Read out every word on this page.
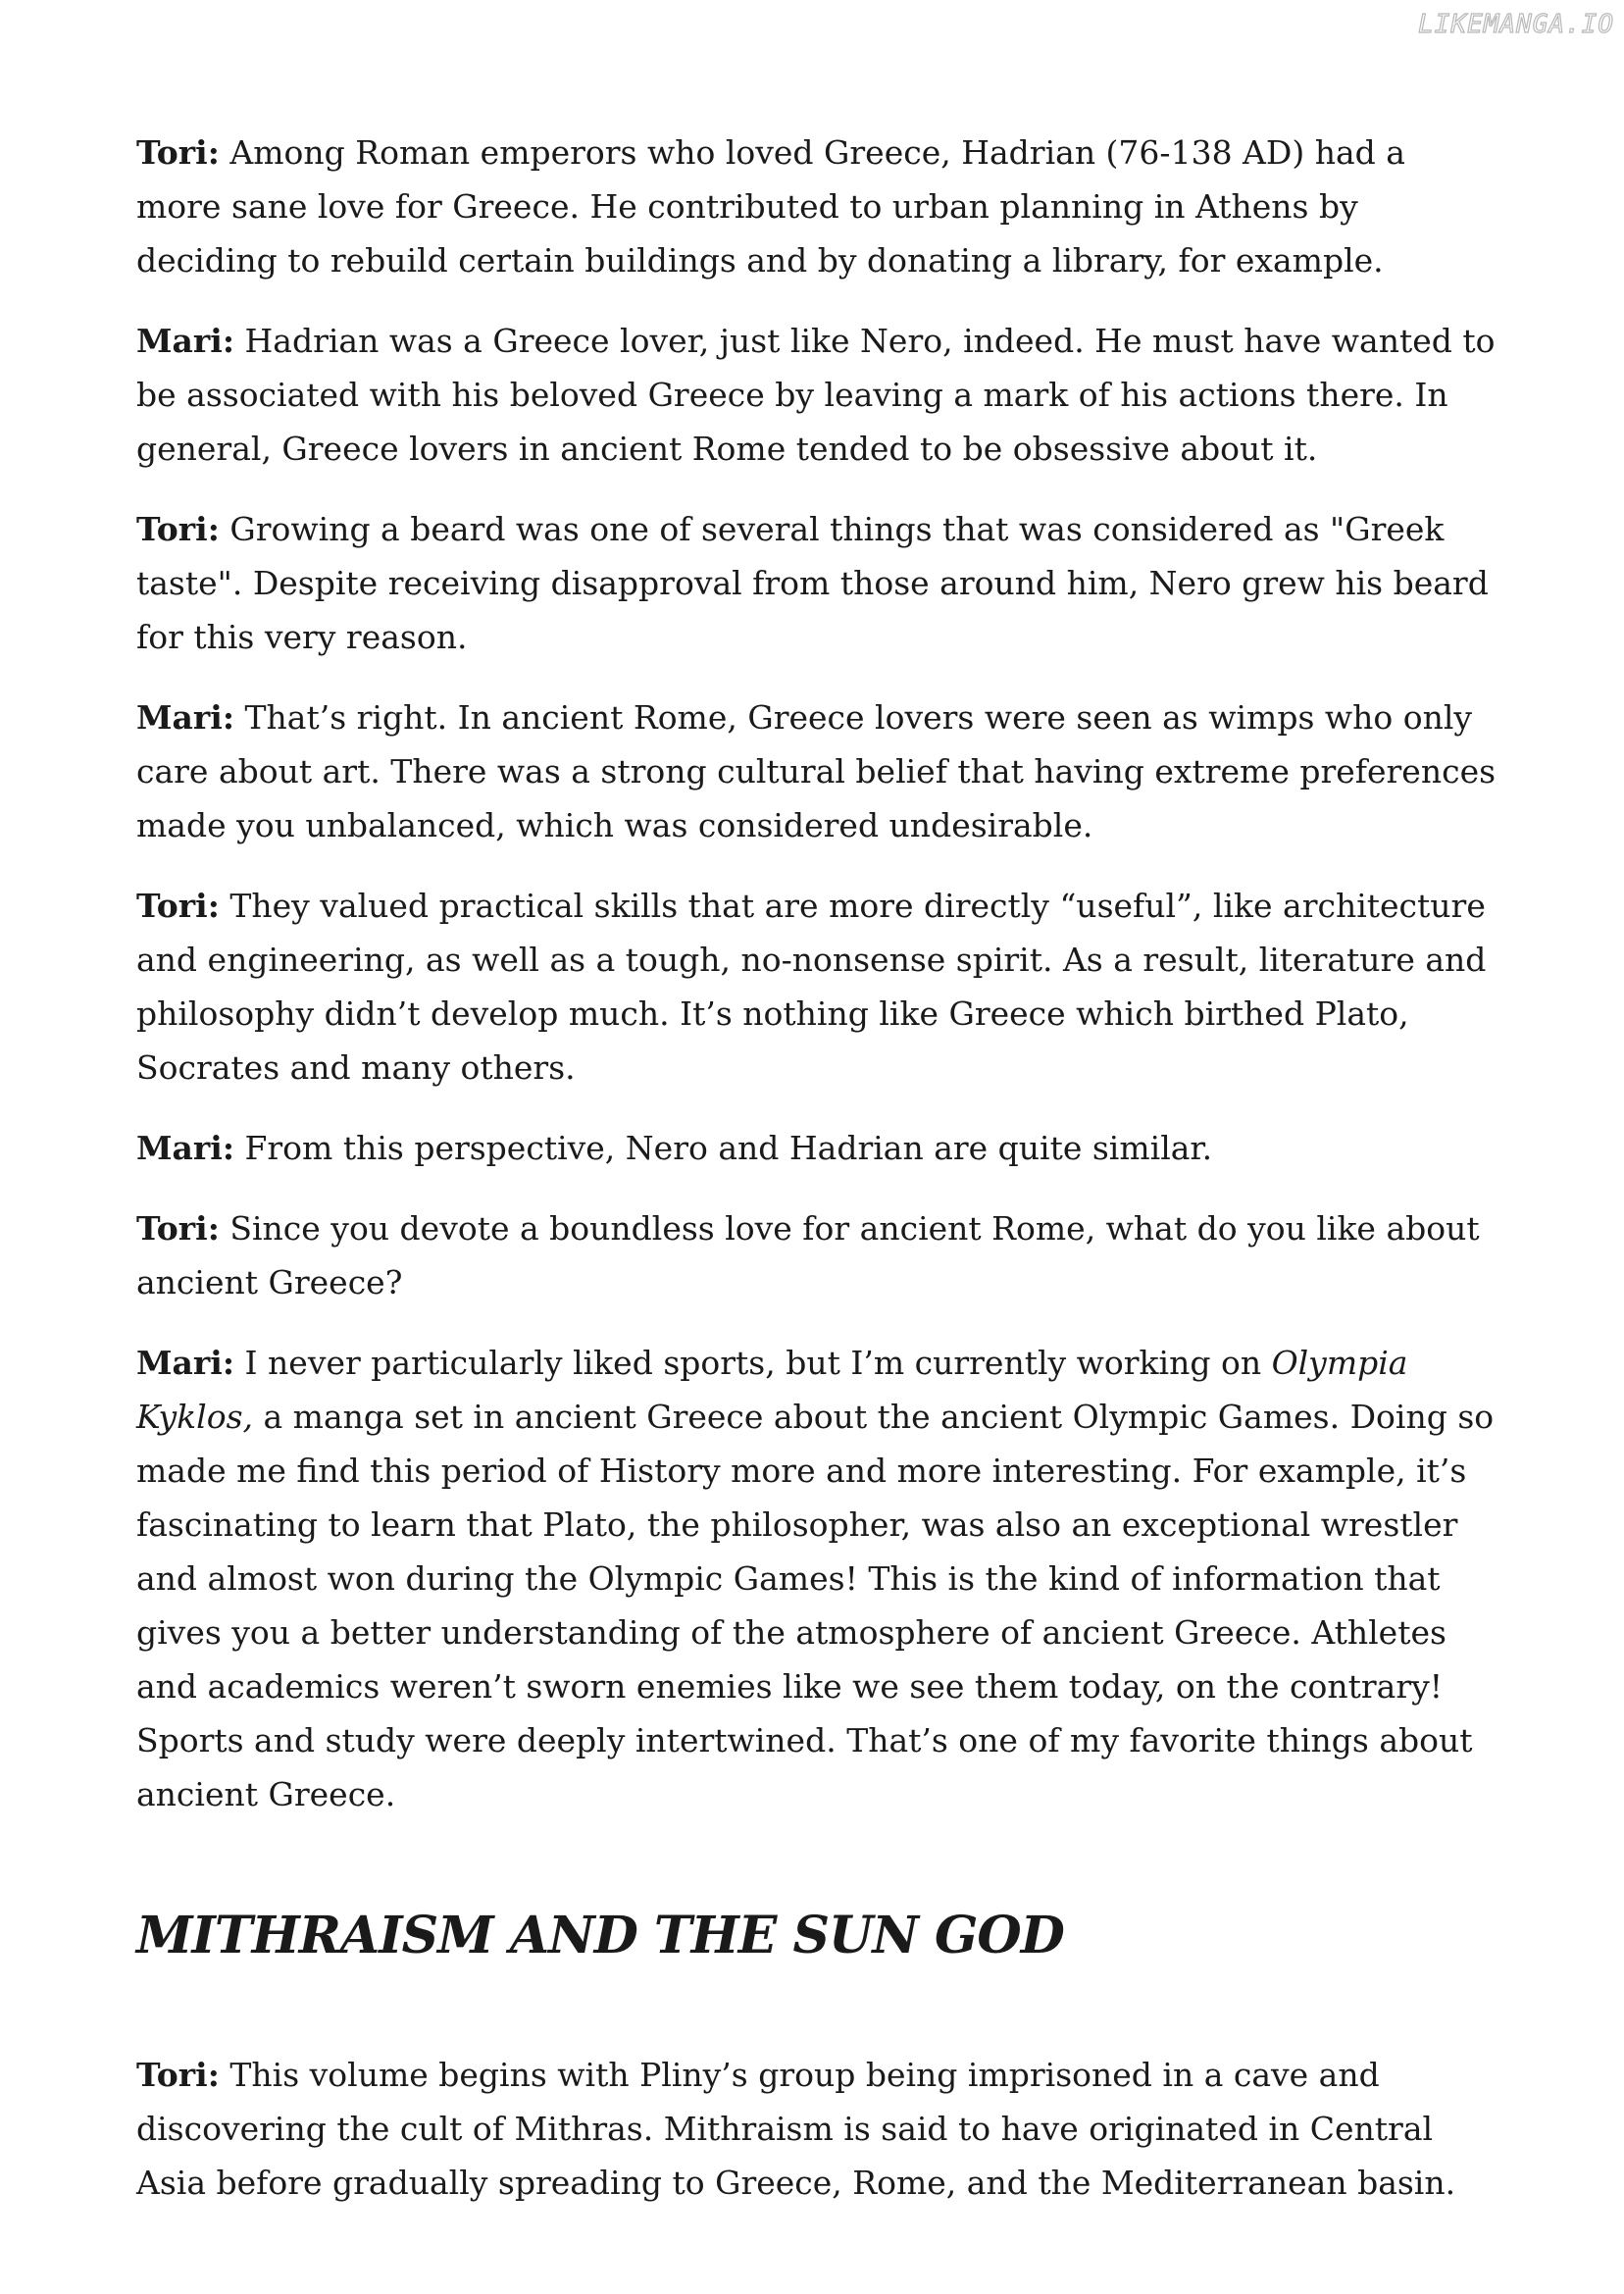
LIKEMANGA.IO

Tori: Among Roman emperors who loved Greece, Hadrian (76-138 AD) had a more sane love for Greece. He contributed to urban planning in Athens by deciding to rebuild certain buildings and by donating a library, for example.

Mari: Hadrian was a Greece lover, just like Nero, indeed. He must have wanted to be associated with his beloved Greece by leaving a mark of his actions there. In general, Greece lovers in ancient Rome tended to be obsessive about it.

Tori: Growing a beard was one of several things that was considered as "Greek taste". Despite receiving disapproval from those around him, Nero grew his beard for this very reason.

Mari: That’s right. In ancient Rome, Greece lovers were seen as wimps who only care about art. There was a strong cultural belief that having extreme preferences made you unbalanced, which was considered undesirable.

Tori: They valued practical skills that are more directly “useful”, like architecture and engineering, as well as a tough, no-nonsense spirit. As a result, literature and philosophy didn’t develop much. It’s nothing like Greece which birthed Plato, Socrates and many others.

Mari: From this perspective, Nero and Hadrian are quite similar.

Tori: Since you devote a boundless love for ancient Rome, what do you like about ancient Greece?

Mari: I never particularly liked sports, but I’m currently working on Olympia Kyklos, a manga set in ancient Greece about the ancient Olympic Games. Doing so made me find this period of History more and more interesting. For example, it’s fascinating to learn that Plato, the philosopher, was also an exceptional wrestler and almost won during the Olympic Games! This is the kind of information that gives you a better understanding of the atmosphere of ancient Greece. Athletes and academics weren’t sworn enemies like we see them today, on the contrary! Sports and study were deeply intertwined. That’s one of my favorite things about ancient Greece.

MITHRAISM AND THE SUN GOD

Tori: This volume begins with Pliny’s group being imprisoned in a cave and discovering the cult of Mithras. Mithraism is said to have originated in Central Asia before gradually spreading to Greece, Rome, and the Mediterranean basin.
